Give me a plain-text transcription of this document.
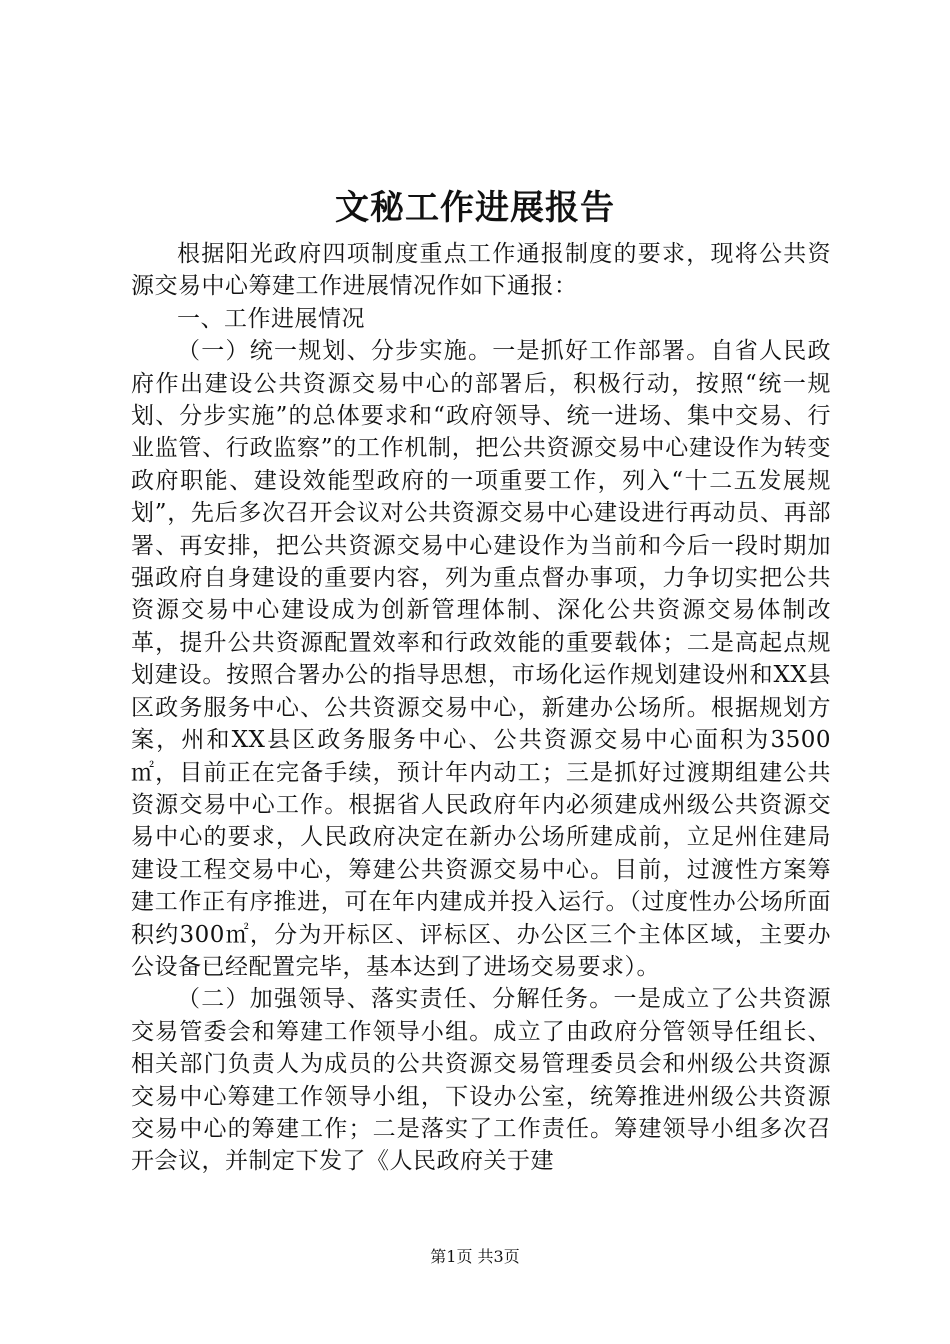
文秘工作进展报告

根据阳光政府四项制度重点工作通报制度的要求，现将公共资源交易中心筹建工作进展情况作如下通报：

一、工作进展情况

（一）统一规划、分步实施。一是抓好工作部署。自省人民政府作出建设公共资源交易中心的部署后，积极行动，按照“统一规划、分步实施”的总体要求和“政府领导、统一进场、集中交易、行业监管、行政监察”的工作机制，把公共资源交易中心建设作为转变政府职能、建设效能型政府的一项重要工作，列入“十二五发展规划”，先后多次召开会议对公共资源交易中心建设进行再动员、再部署、再安排，把公共资源交易中心建设作为当前和今后一段时期加强政府自身建设的重要内容，列为重点督办事项，力争切实把公共资源交易中心建设成为创新管理体制、深化公共资源交易体制改革，提升公共资源配置效率和行政效能的重要载体；二是高起点规划建设。按照合署办公的指导思想，市场化运作规划建设州和XX县区政务服务中心、公共资源交易中心，新建办公场所。根据规划方案，州和XX县区政务服务中心、公共资源交易中心面积为3500㎡，目前正在完备手续，预计年内动工；三是抓好过渡期组建公共资源交易中心工作。根据省人民政府年内必须建成州级公共资源交易中心的要求，人民政府决定在新办公场所建成前，立足州住建局建设工程交易中心，筹建公共资源交易中心。目前，过渡性方案筹建工作正有序推进，可在年内建成并投入运行。（过度性办公场所面积约300㎡，分为开标区、评标区、办公区三个主体区域，主要办公设备已经配置完毕，基本达到了进场交易要求）。

（二）加强领导、落实责任、分解任务。一是成立了公共资源交易管委会和筹建工作领导小组。成立了由政府分管领导任组长、相关部门负责人为成员的公共资源交易管理委员会和州级公共资源交易中心筹建工作领导小组，下设办公室，统筹推进州级公共资源交易中心的筹建工作；二是落实了工作责任。筹建领导小组多次召开会议，并制定下发了《人民政府关于建

第1页 共3页
